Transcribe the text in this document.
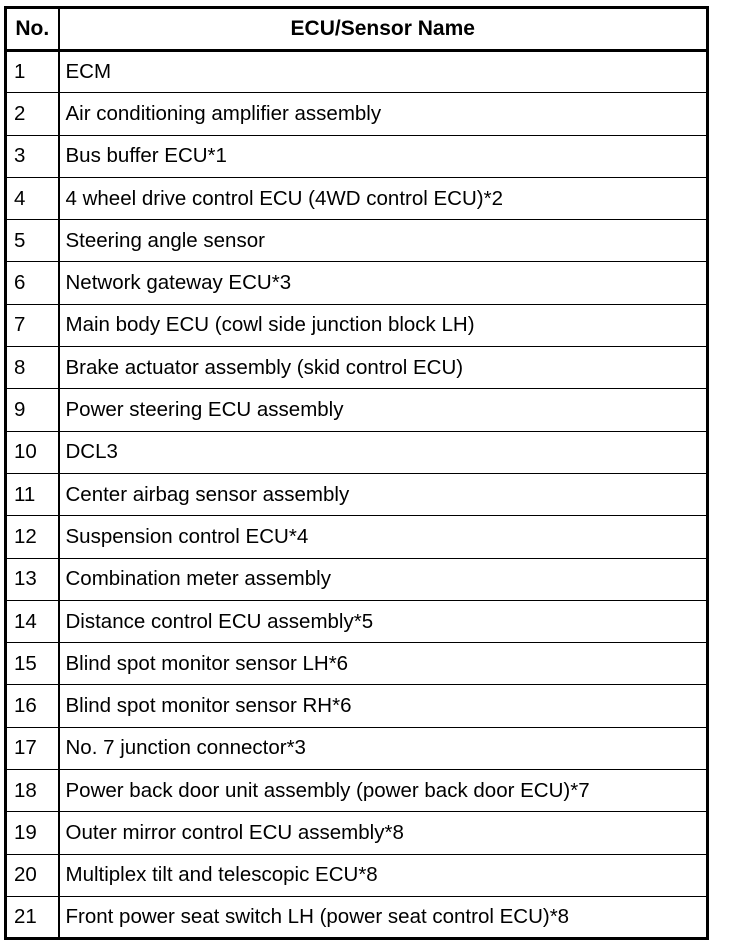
No.	ECU/Sensor Name
1	ECM
2	Air conditioning amplifier assembly
3	Bus buffer ECU*1
4	4 wheel drive control ECU (4WD control ECU)*2
5	Steering angle sensor
6	Network gateway ECU*3
7	Main body ECU (cowl side junction block LH)
8	Brake actuator assembly (skid control ECU)
9	Power steering ECU assembly
10	DCL3
11	Center airbag sensor assembly
12	Suspension control ECU*4
13	Combination meter assembly
14	Distance control ECU assembly*5
15	Blind spot monitor sensor LH*6
16	Blind spot monitor sensor RH*6
17	No. 7 junction connector*3
18	Power back door unit assembly (power back door ECU)*7
19	Outer mirror control ECU assembly*8
20	Multiplex tilt and telescopic ECU*8
21	Front power seat switch LH (power seat control ECU)*8
